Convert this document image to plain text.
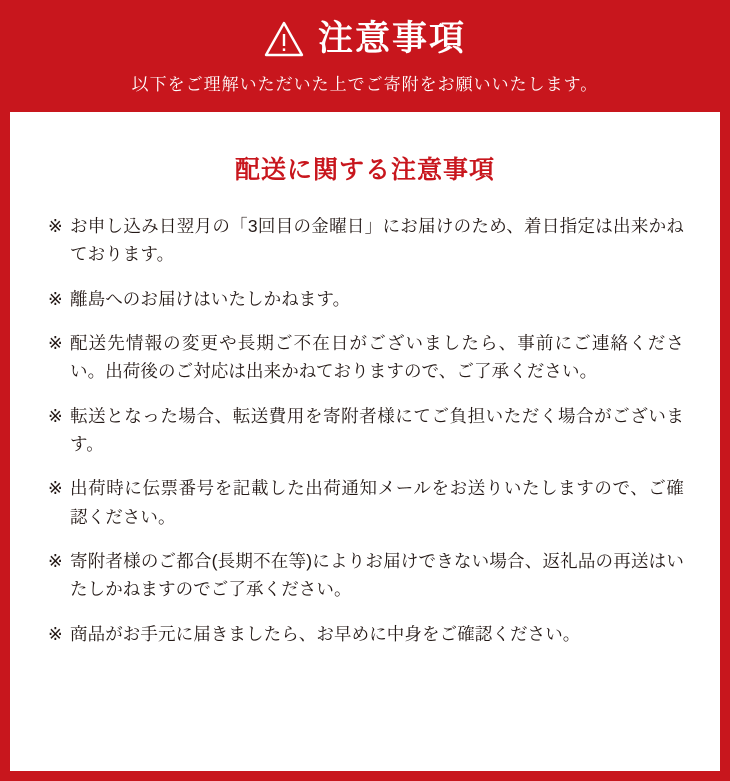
注意事項
以下をご理解いただいた上でご寄附をお願いいたします。
配送に関する注意事項
※ お申し込み日翌月の「3回目の金曜日」にお届けのため、着日指定は出来かねております。
※ 離島へのお届けはいたしかねます。
※ 配送先情報の変更や長期ご不在日がございましたら、事前にご連絡ください。出荷後のご対応は出来かねておりますので、ご了承ください。
※ 転送となった場合、転送費用を寄附者様にてご負担いただく場合がございます。
※ 出荷時に伝票番号を記載した出荷通知メールをお送りいたしますので、ご確認ください。
※ 寄附者様のご都合(長期不在等)によりお届けできない場合、返礼品の再送はいたしかねますのでご了承ください。
※ 商品がお手元に届きましたら、お早めに中身をご確認ください。
